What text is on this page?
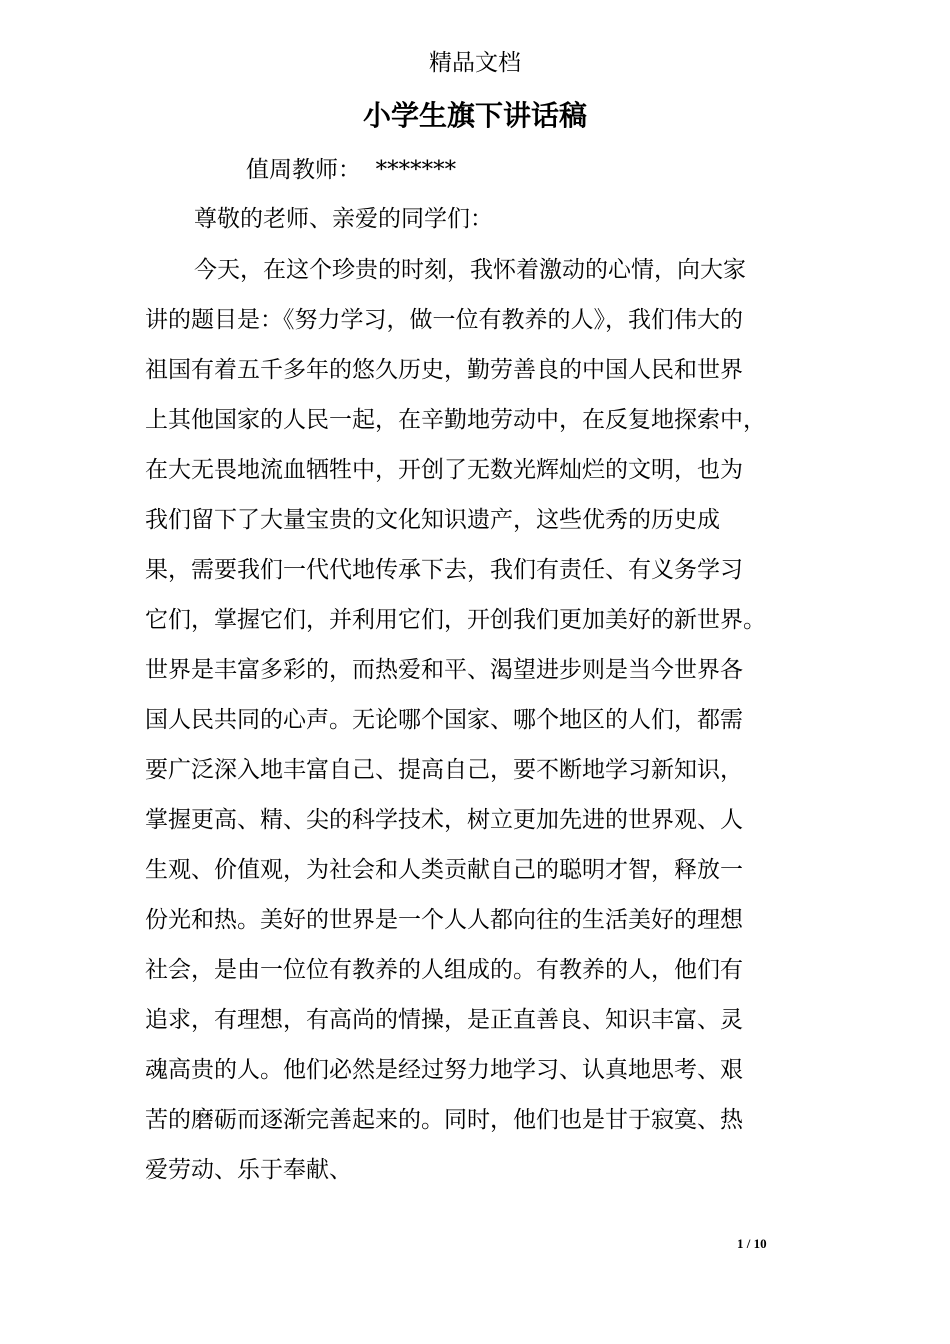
精品文档
小学生旗下讲话稿
值周教师：  *******
尊敬的老师、亲爱的同学们：
今天，在这个珍贵的时刻，我怀着激动的心情，向大家
讲的题目是：《努力学习，做一位有教养的人》，我们伟大的
祖国有着五千多年的悠久历史，勤劳善良的中国人民和世界
上其他国家的人民一起，在辛勤地劳动中，在反复地探索中，
在大无畏地流血牺牲中，开创了无数光辉灿烂的文明，也为
我们留下了大量宝贵的文化知识遗产，这些优秀的历史成
果，需要我们一代代地传承下去，我们有责任、有义务学习
它们，掌握它们，并利用它们，开创我们更加美好的新世界。
世界是丰富多彩的，而热爱和平、渴望进步则是当今世界各
国人民共同的心声。无论哪个国家、哪个地区的人们，都需
要广泛深入地丰富自己、提高自己，要不断地学习新知识，
掌握更高、精、尖的科学技术，树立更加先进的世界观、人
生观、价值观，为社会和人类贡献自己的聪明才智，释放一
份光和热。美好的世界是一个人人都向往的生活美好的理想
社会，是由一位位有教养的人组成的。有教养的人，他们有
追求，有理想，有高尚的情操，是正直善良、知识丰富、灵
魂高贵的人。他们必然是经过努力地学习、认真地思考、艰
苦的磨砺而逐渐完善起来的。同时，他们也是甘于寂寞、热
爱劳动、乐于奉献、
1 / 10
